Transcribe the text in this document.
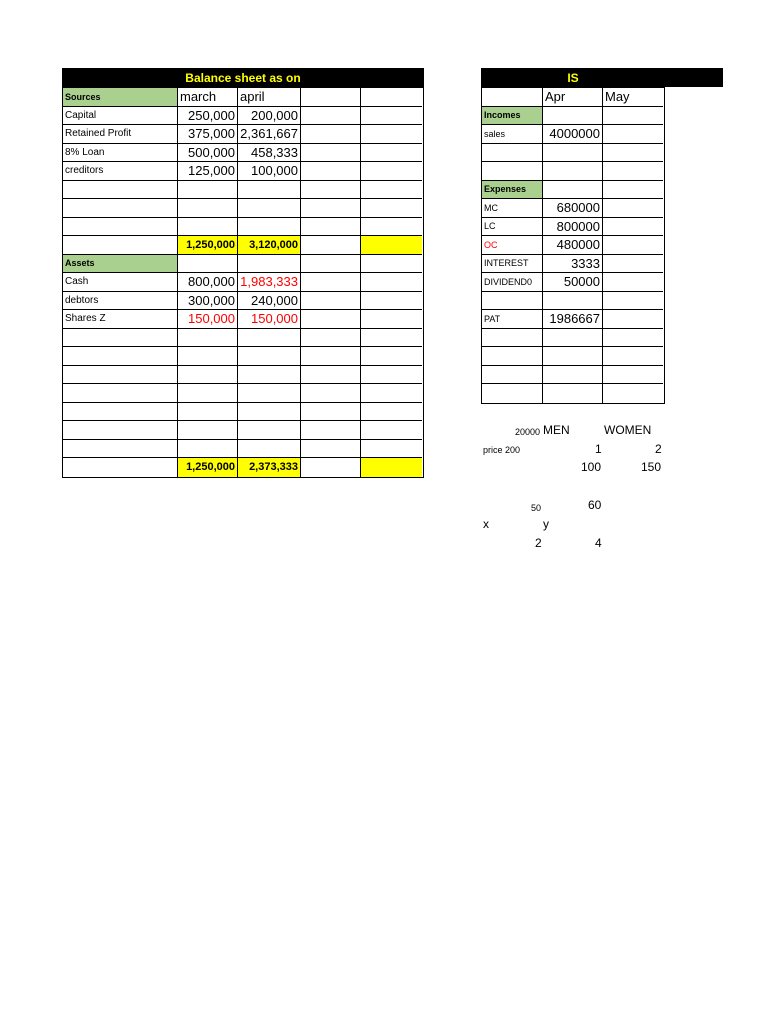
Balance sheet as on
Sources	march	april
Capital	250,000	200,000
Retained Profit	375,000 2,361,667
8% Loan	500,000	458,333
creditors	125,000	100,000
1,250,000	3,120,000
Assets
Cash	800,000 1,983,333
debtors	300,000	240,000
Shares Z	150,000	150,000
1,250,000	2,373,333
IS
Apr	May
Incomes
sales	4000000
Expenses
MC	680000
LC	800000
OC	480000
INTEREST	3333
DIVIDEND0	50000
PAT	1986667
20000 MEN	WOMEN
price 200	1	2
100	150
50	60
x	y
2	4
